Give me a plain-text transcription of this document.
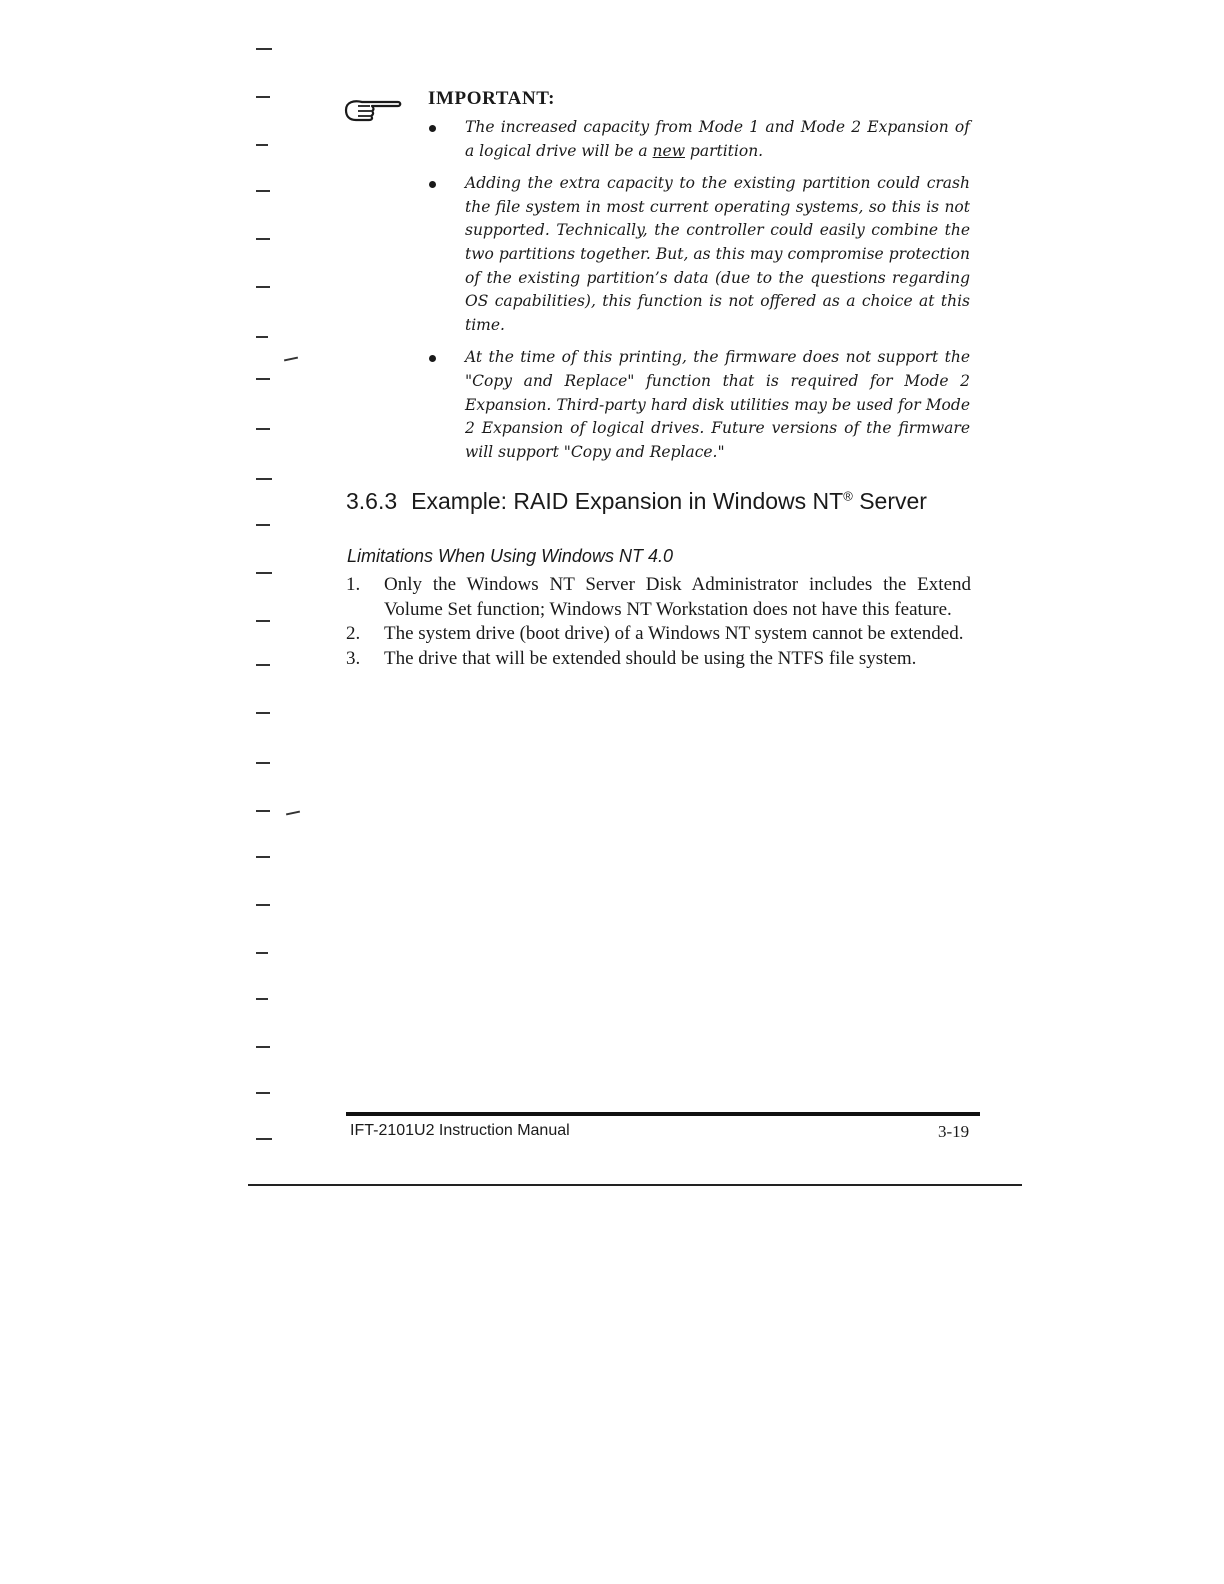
IMPORTANT:
The increased capacity from Mode 1 and Mode 2 Expansion of a logical drive will be a new partition.
Adding the extra capacity to the existing partition could crash the file system in most current operating systems, so this is not supported. Technically, the controller could easily combine the two partitions together. But, as this may compromise protection of the existing partition’s data (due to the questions regarding OS capabilities), this function is not offered as a choice at this time.
At the time of this printing, the firmware does not support the "Copy and Replace" function that is required for Mode 2 Expansion. Third-party hard disk utilities may be used for Mode 2 Expansion of logical drives. Future versions of the firmware will support "Copy and Replace."
3.6.3 Example: RAID Expansion in Windows NT® Server
Limitations When Using Windows NT 4.0
1. Only the Windows NT Server Disk Administrator includes the Extend Volume Set function; Windows NT Workstation does not have this feature.
2. The system drive (boot drive) of a Windows NT system cannot be extended.
3. The drive that will be extended should be using the NTFS file system.
IFT-2101U2 Instruction Manual	3-19
